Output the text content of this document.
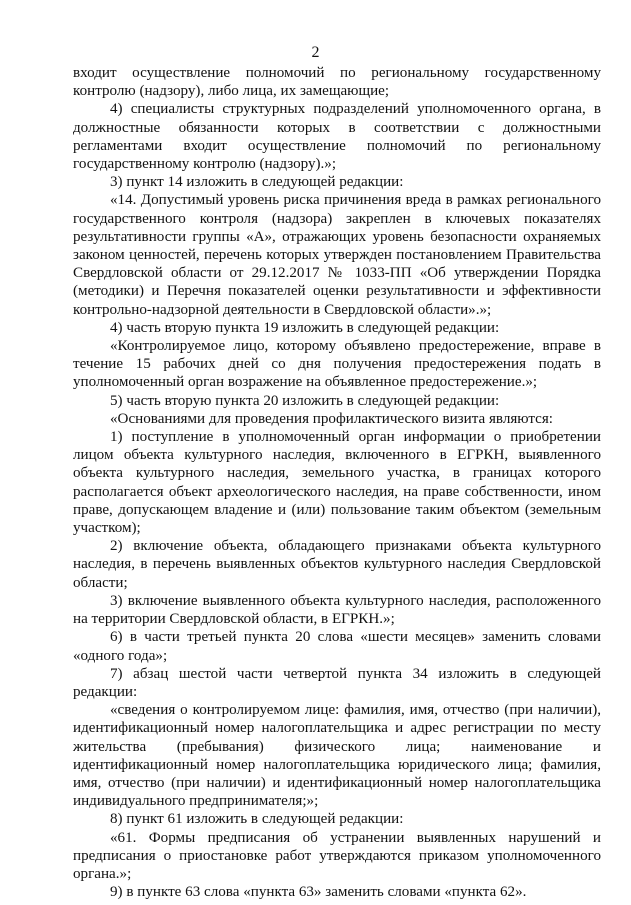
2

входит осуществление полномочий по региональному государственному контролю (надзору), либо лица, их замещающие;

4) специалисты структурных подразделений уполномоченного органа, в должностные обязанности которых в соответствии с должностными регламентами входит осуществление полномочий по региональному государственному контролю (надзору).»;

3) пункт 14 изложить в следующей редакции:

«14. Допустимый уровень риска причинения вреда в рамках регионального государственного контроля (надзора) закреплен в ключевых показателях результативности группы «А», отражающих уровень безопасности охраняемых законом ценностей, перечень которых утвержден постановлением Правительства Свердловской области от 29.12.2017 № 1033-ПП «Об утверждении Порядка (методики) и Перечня показателей оценки результативности и эффективности контрольно-надзорной деятельности в Свердловской области».»;

4) часть вторую пункта 19 изложить в следующей редакции:

«Контролируемое лицо, которому объявлено предостережение, вправе в течение 15 рабочих дней со дня получения предостережения подать в уполномоченный орган возражение на объявленное предостережение.»;

5) часть вторую пункта 20 изложить в следующей редакции:

«Основаниями для проведения профилактического визита являются:

1) поступление в уполномоченный орган информации о приобретении лицом объекта культурного наследия, включенного в ЕГРКН, выявленного объекта культурного наследия, земельного участка, в границах которого располагается объект археологического наследия, на праве собственности, ином праве, допускающем владение и (или) пользование таким объектом (земельным участком);

2) включение объекта, обладающего признаками объекта культурного наследия, в перечень выявленных объектов культурного наследия Свердловской области;

3) включение выявленного объекта культурного наследия, расположенного на территории Свердловской области, в ЕГРКН.»;

6) в части третьей пункта 20 слова «шести месяцев» заменить словами «одного года»;

7) абзац шестой части четвертой пункта 34 изложить в следующей редакции:

«сведения о контролируемом лице: фамилия, имя, отчество (при наличии), идентификационный номер налогоплательщика и адрес регистрации по месту жительства (пребывания) физического лица; наименование и идентификационный номер налогоплательщика юридического лица; фамилия, имя, отчество (при наличии) и идентификационный номер налогоплательщика индивидуального предпринимателя;»;

8) пункт 61 изложить в следующей редакции:

«61. Формы предписания об устранении выявленных нарушений и предписания о приостановке работ утверждаются приказом уполномоченного органа.»;

9) в пункте 63 слова «пункта 63» заменить словами «пункта 62».
